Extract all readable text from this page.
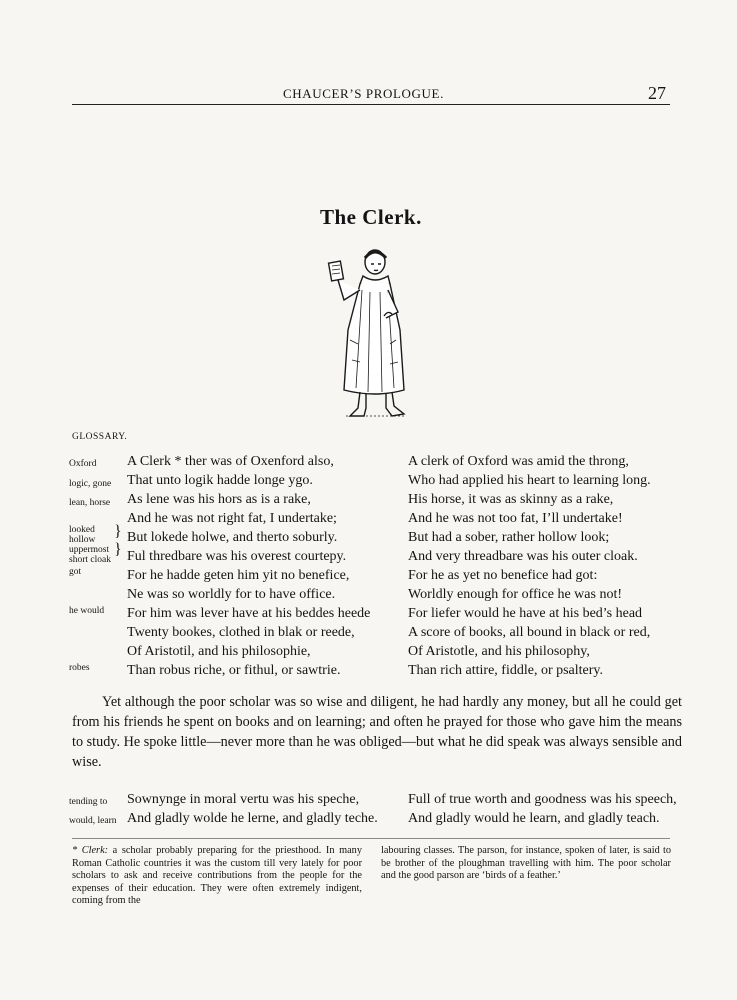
CHAUCER’S PROLOGUE.	27
The Clerk.
GLOSSARY.
Oxford
logic, gone
lean, horse
looked
hollow
uppermost
short cloak
}
}
got
he would
robes
A Clerk * ther was of Oxenford also,
That unto logik hadde longe ygo.
As lene was his hors as is a rake,
And he was not right fat, I undertake;
But lokede holwe, and therto soburly.
Ful thredbare was his overest courtepy.
For he hadde geten him yit no benefice,
Ne was so worldly for to have office.
For him was lever have at his beddes heede
Twenty bookes, clothed in blak or reede,
Of Aristotil, and his philosophie,
Than robus riche, or fithul, or sawtrie.
A clerk of Oxford was amid the throng,
Who had applied his heart to learning long.
His horse, it was as skinny as a rake,
And he was not too fat, I’ll undertake!
But had a sober, rather hollow look;
And very threadbare was his outer cloak.
For he as yet no benefice had got:
Worldly enough for office he was not!
For liefer would he have at his bed’s head
A score of books, all bound in black or red,
Of Aristotle, and his philosophy,
Than rich attire, fiddle, or psaltery.

Yet although the poor scholar was so wise and diligent, he had hardly any money, but all he could get from his friends he spent on books and on learning; and often he prayed for those who gave him the means to study. He spoke little—never more than he was obliged—but what he did speak was always sensible and wise.

tending to
would, learn
Sownynge in moral vertu was his speche,
And gladly wolde he lerne, and gladly teche.
Full of true worth and goodness was his speech,
And gladly would he learn, and gladly teach.
* Clerk: a scholar probably preparing for the priesthood. In many Roman Catholic countries it was the custom till very lately for poor scholars to ask and receive contributions from the people for the expenses of their education. They were often extremely indigent, coming from the
labouring classes. The parson, for instance, spoken of later, is said to be brother of the ploughman travelling with him. The poor scholar and the good parson are ‘birds of a feather.’
